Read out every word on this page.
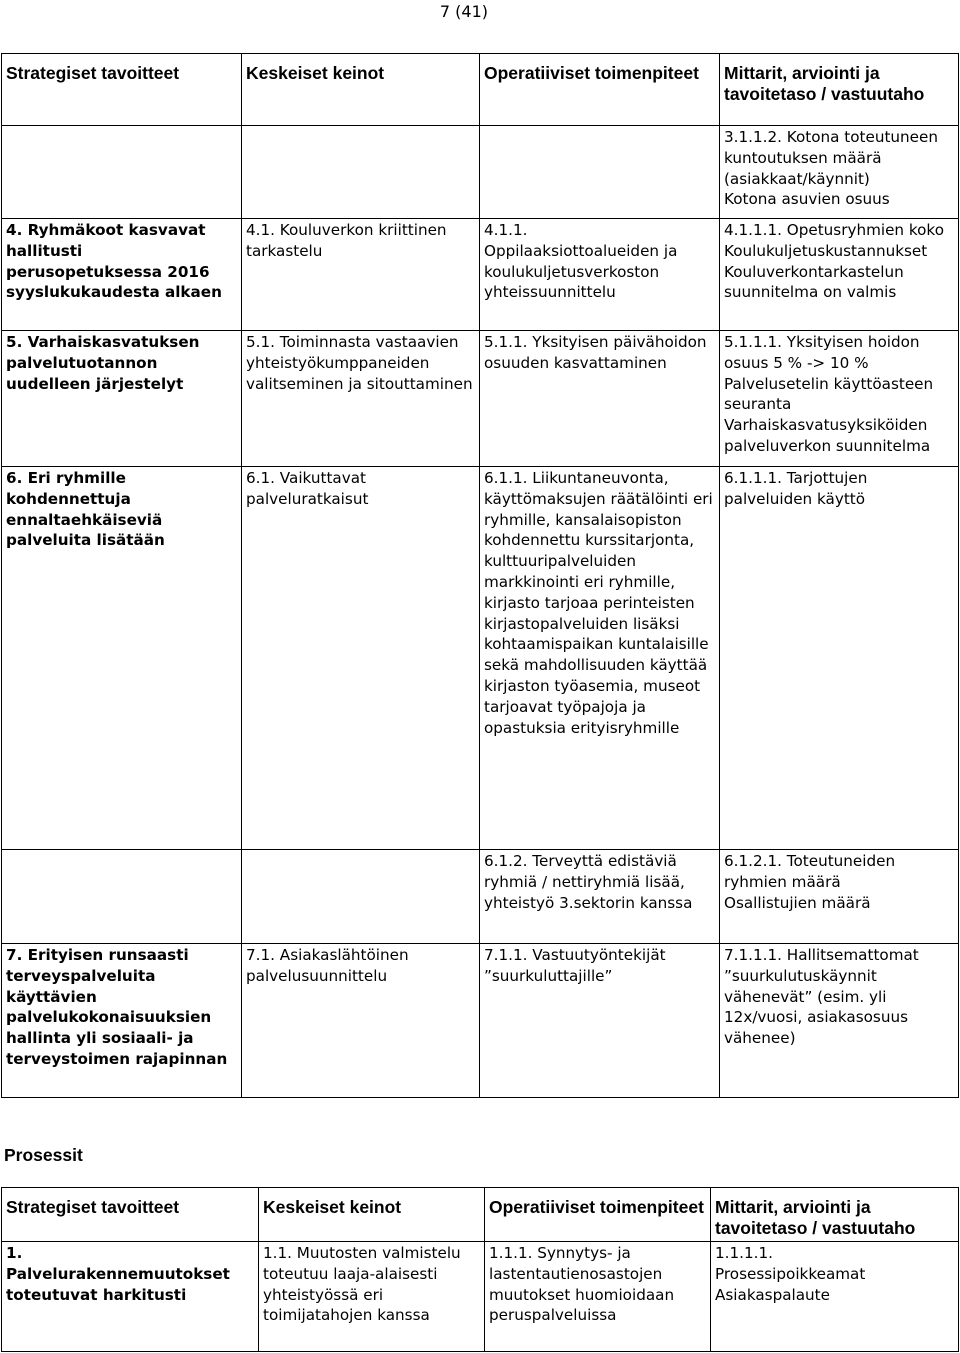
7 (41)
Strategiset tavoitteet	Keskeiset keinot	Operatiiviset toimenpiteet	Mittarit, arviointi ja tavoitetaso / vastuutaho
			3.1.1.2. Kotona toteutuneen kuntoutuksen määrä (asiakkaat/käynnit)
Kotona asuvien osuus
4. Ryhmäkoot kasvavat hallitusti perusopetuksessa 2016 syyslukukaudesta alkaen	4.1. Kouluverkon kriittinen tarkastelu	4.1.1.
Oppilaaksiottoalueiden ja koulukuljetusverkoston yhteissuunnittelu	4.1.1.1. Opetusryhmien koko
Koulukuljetuskustannukset
Kouluverkontarkastelun suunnitelma on valmis
5. Varhaiskasvatuksen palvelutuotannon uudelleen järjestelyt	5.1. Toiminnasta vastaavien yhteistyökumppaneiden valitseminen ja sitouttaminen	5.1.1. Yksityisen päivähoidon osuuden kasvattaminen	5.1.1.1. Yksityisen hoidon osuus 5 % -> 10 %
Palvelusetelin käyttöasteen seuranta
Varhaiskasvatusyksiköiden palveluverkon suunnitelma
6. Eri ryhmille kohdennettuja ennaltaehkäiseviä palveluita lisätään	6.1. Vaikuttavat palveluratkaisut	6.1.1. Liikuntaneuvonta, käyttömaksujen räätälöinti eri ryhmille, kansalaisopiston kohdennettu kurssitarjonta, kulttuuripalveluiden markkinointi eri ryhmille, kirjasto tarjoaa perinteisten kirjastopalveluiden lisäksi kohtaamispaikan kuntalaisille sekä mahdollisuuden käyttää kirjaston työasemia, museot tarjoavat työpajoja ja opastuksia erityisryhmille	6.1.1.1. Tarjottujen palveluiden käyttö
		6.1.2. Terveyttä edistäviä ryhmiä / nettiryhmiä lisää, yhteistyö 3.sektorin kanssa	6.1.2.1. Toteutuneiden ryhmien määrä
Osallistujien määrä
7. Erityisen runsaasti terveyspalveluita käyttävien palvelukokonaisuuksien hallinta yli sosiaali- ja terveystoimen rajapinnan	7.1. Asiakaslähtöinen palvelusuunnittelu	7.1.1. Vastuutyöntekijät ”suurkuluttajille”	7.1.1.1. Hallitsemattomat ”suurkulutuskäynnit vähenevät” (esim. yli 12x/vuosi, asiakasosuus vähenee)
Prosessit
Strategiset tavoitteet	Keskeiset keinot	Operatiiviset toimenpiteet	Mittarit, arviointi ja tavoitetaso / vastuutaho
1.
Palvelurakennemuutokset toteutuvat harkitusti	1.1. Muutosten valmistelu toteutuu laaja-alaisesti yhteistyössä eri toimijatahojen kanssa	1.1.1. Synnytys- ja lastentautienosastojen muutokset huomioidaan peruspalveluissa	1.1.1.1.
Prosessipoikkeamat
Asiakaspalaute
